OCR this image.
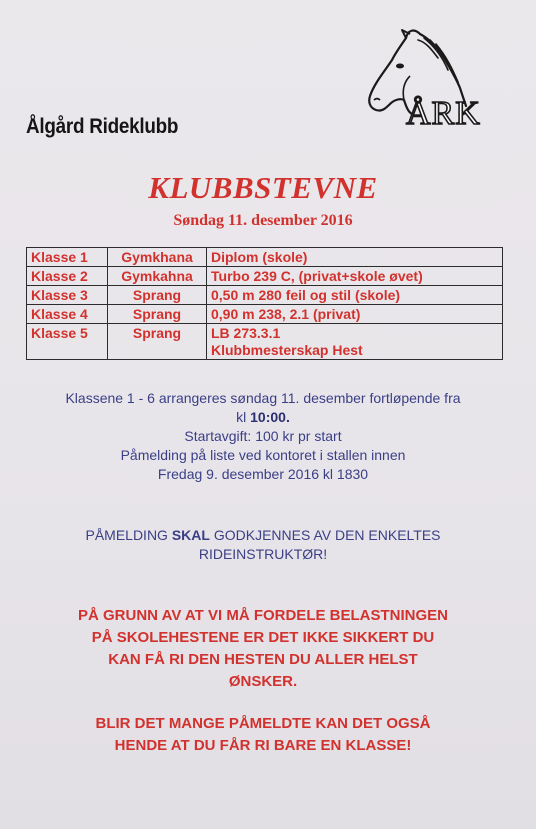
ÅRK
Ålgård Rideklubb
KLUBBSTEVNE
Søndag 11. desember 2016
Klasse 1	Gymkhana	Diplom (skole)
Klasse 2	Gymkahna	Turbo 239 C, (privat+skole øvet)
Klasse 3	Sprang	0,50 m 280 feil og stil (skole)
Klasse 4	Sprang	0,90 m 238, 2.1 (privat)
Klasse 5	Sprang	LB 273.3.1
Klubbmesterskap Hest
Klassene 1 - 6 arrangeres søndag 11. desember fortløpende fra
kl 10:00.
Startavgift: 100 kr pr start
Påmelding på liste ved kontoret i stallen innen
Fredag 9. desember 2016 kl 1830
PÅMELDING SKAL GODKJENNES AV DEN ENKELTES
RIDEINSTRUKTØR!
PÅ GRUNN AV AT VI MÅ FORDELE BELASTNINGEN
PÅ SKOLEHESTENE ER DET IKKE SIKKERT DU
KAN FÅ RI DEN HESTEN DU ALLER HELST
ØNSKER.
BLIR DET MANGE PÅMELDTE KAN DET OGSÅ
HENDE AT DU FÅR RI BARE EN KLASSE!
